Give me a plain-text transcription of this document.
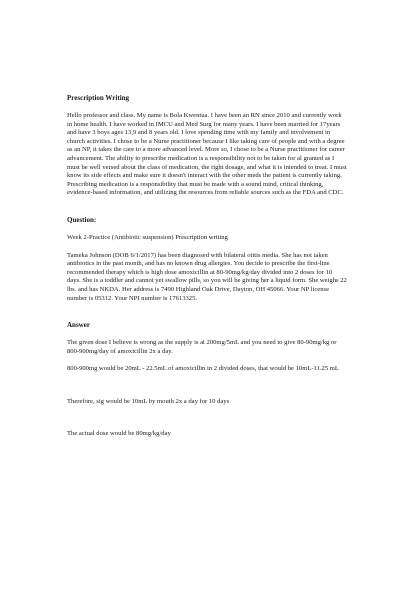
Prescription Writing

Hello professor and class. My name is Bola Kwentua. I have been an RN since 2010 and currently work in home health. I have worked in IMCU and Med Surg for many years. I have been married for 17years and have 3 boys ages 13,9 and 8 years old. I love spending time with my family and involvement in church activities. I chose to be a Nurse practitioner because I like taking care of people and with a degree as an NP, it takes the care to a more advanced level. More so, I chose to be a Nurse practitioner for career advancement. The ability to prescribe medication is a responsibility not to be taken for al granted as I must be well versed about the class of medication, the right dosage, and what it is intended to treat. I must know its side effects and make sure it doesn't interact with the other meds the patient is currently taking. Prescribing medication is a responsibility that must be made with a sound mind, critical thinking, evidence-based information, and utilizing the resources from reliable sources such as the FDA and CDC.

Question:

Week 2-Practice (Antibiotic suspension) Prescription writing

Tameka Johnson (DOB 6/1/2017) has been diagnosed with bilateral otitis media. She has not taken antibiotics in the past month, and has no known drug allergies. You decide to prescribe the first-line recommended therapy which is high dose amoxicillin at 80-90mg/kg/day divided into 2 doses for 10 days. She is a toddler and cannot yet swallow pills, so you will be giving her a liquid form. She weighs 22 lbs. and has NKDA. Her address is 7490 Highland Oak Drive, Dayton, OH 45066. Your NP license number is 05312. Your NPI number is 17613325.

Answer

The given dose I believe is wrong as the supply is at 200mg/5mL and you need to give 80-90mg/kg or 800-900mg/day of amoxicillin 2x a day.

800-900mg would be 20mL - 22.5mL of amoxicillin in 2 divided doses, that would be 10mL-11.25 mL

Therefore, sig would be 10mL by mouth 2x a day for 10 days

The actual dose would be 80mg/kg/day
